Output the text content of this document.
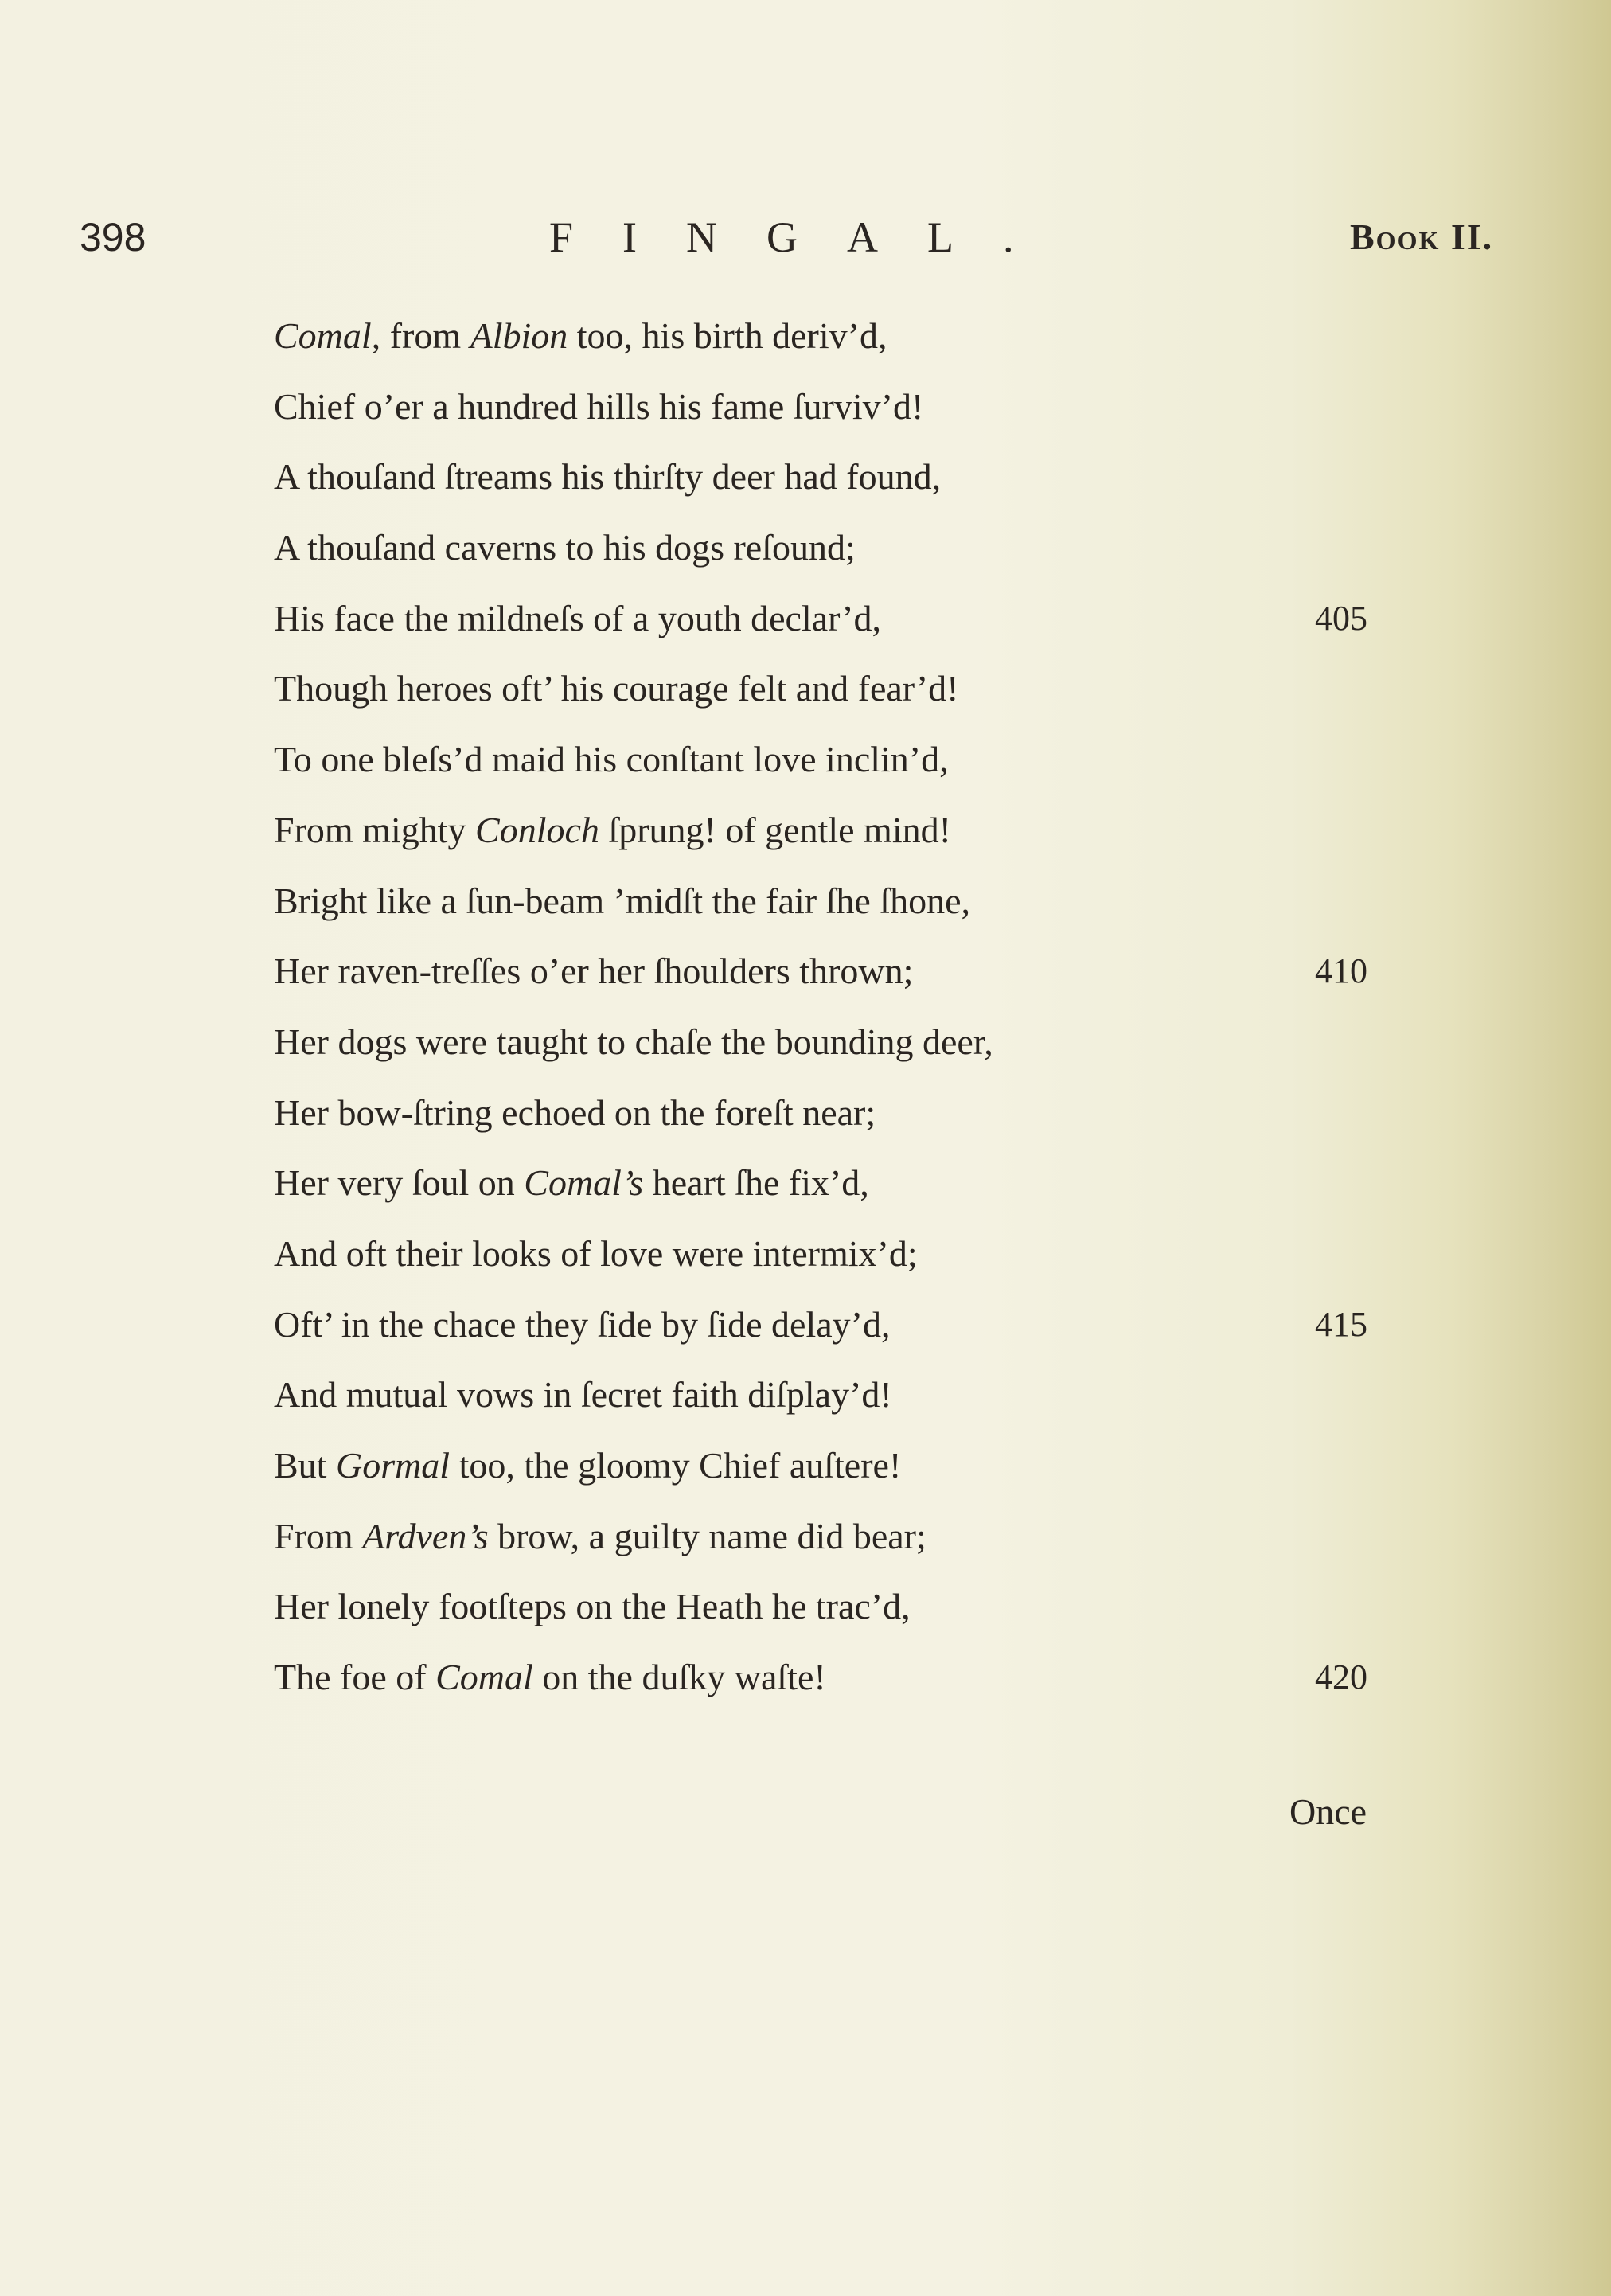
398	FINGAL.	Book II.
Comal, from Albion too, his birth deriv’d,
Chief o’er a hundred hills his fame ſurviv’d!
A thouſand ſtreams his thirſty deer had found,
A thouſand caverns to his dogs reſound;
His face the mildneſs of a youth declar’d,	405
Though heroes oft’ his courage felt and fear’d!
To one bleſs’d maid his conſtant love inclin’d,
From mighty Conloch ſprung! of gentle mind!
Bright like a ſun-beam ’midſt the fair ſhe ſhone,
Her raven-treſſes o’er her ſhoulders thrown;	410
Her dogs were taught to chaſe the bounding deer,
Her bow-ſtring echoed on the foreſt near;
Her very ſoul on Comal’s heart ſhe fix’d,
And oft their looks of love were intermix’d;
Oft’ in the chace they ſide by ſide delay’d,	415
And mutual vows in ſecret faith diſplay’d!
But Gormal too, the gloomy Chief auſtere!
From Ardven’s brow, a guilty name did bear;
Her lonely footſteps on the Heath he trac’d,
The foe of Comal on the duſky waſte!	420
Once
